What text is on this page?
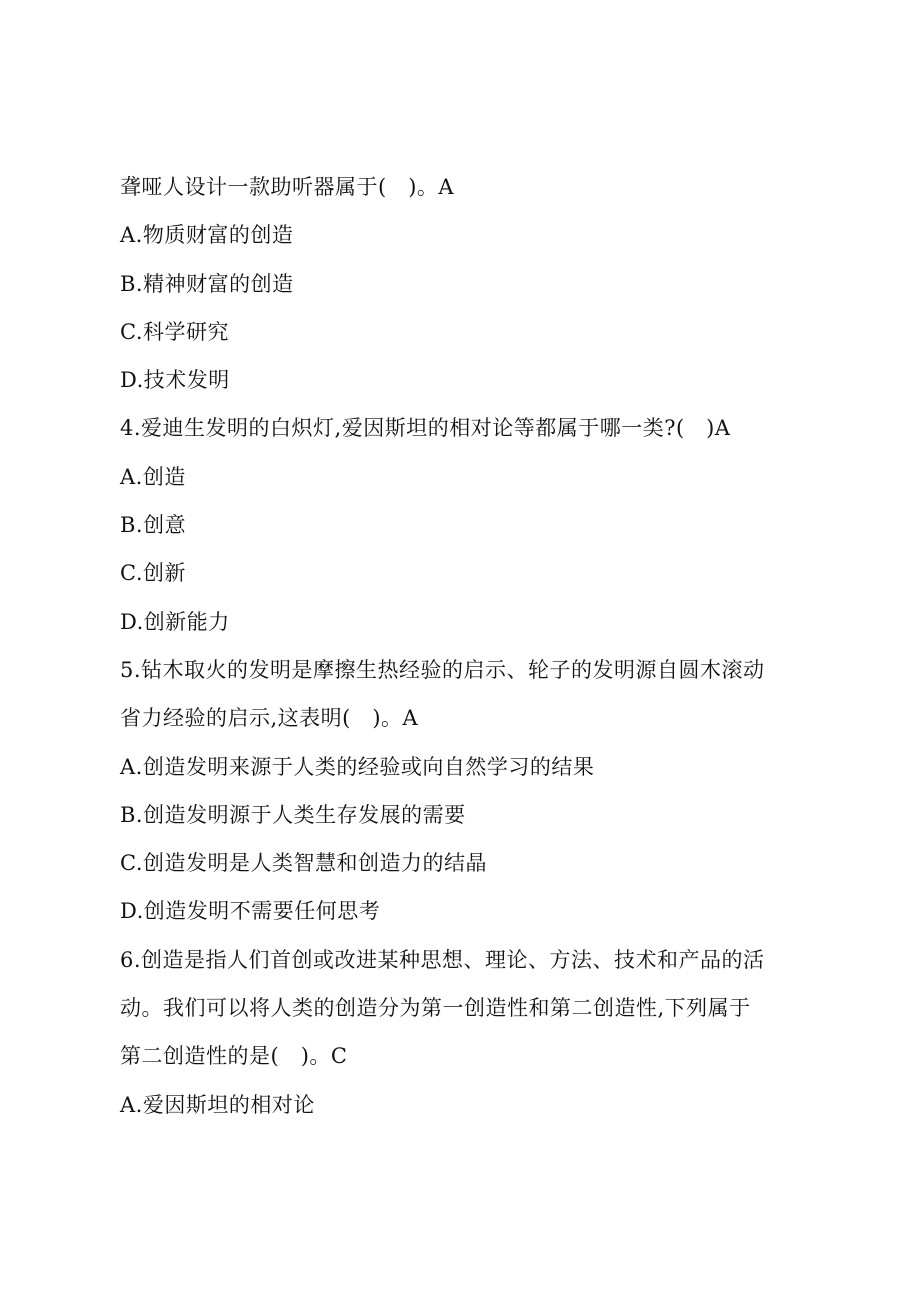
聋哑人设计一款助听器属于(　)。A
A.物质财富的创造
B.精神财富的创造
C.科学研究
D.技术发明
4.爱迪生发明的白炽灯,爱因斯坦的相对论等都属于哪一类?(　)A
A.创造
B.创意
C.创新
D.创新能力
5.钻木取火的发明是摩擦生热经验的启示、轮子的发明源自圆木滚动
省力经验的启示,这表明(　)。A
A.创造发明来源于人类的经验或向自然学习的结果
B.创造发明源于人类生存发展的需要
C.创造发明是人类智慧和创造力的结晶
D.创造发明不需要任何思考
6.创造是指人们首创或改进某种思想、理论、方法、技术和产品的活
动。我们可以将人类的创造分为第一创造性和第二创造性,下列属于
第二创造性的是(　)。C
A.爱因斯坦的相对论
